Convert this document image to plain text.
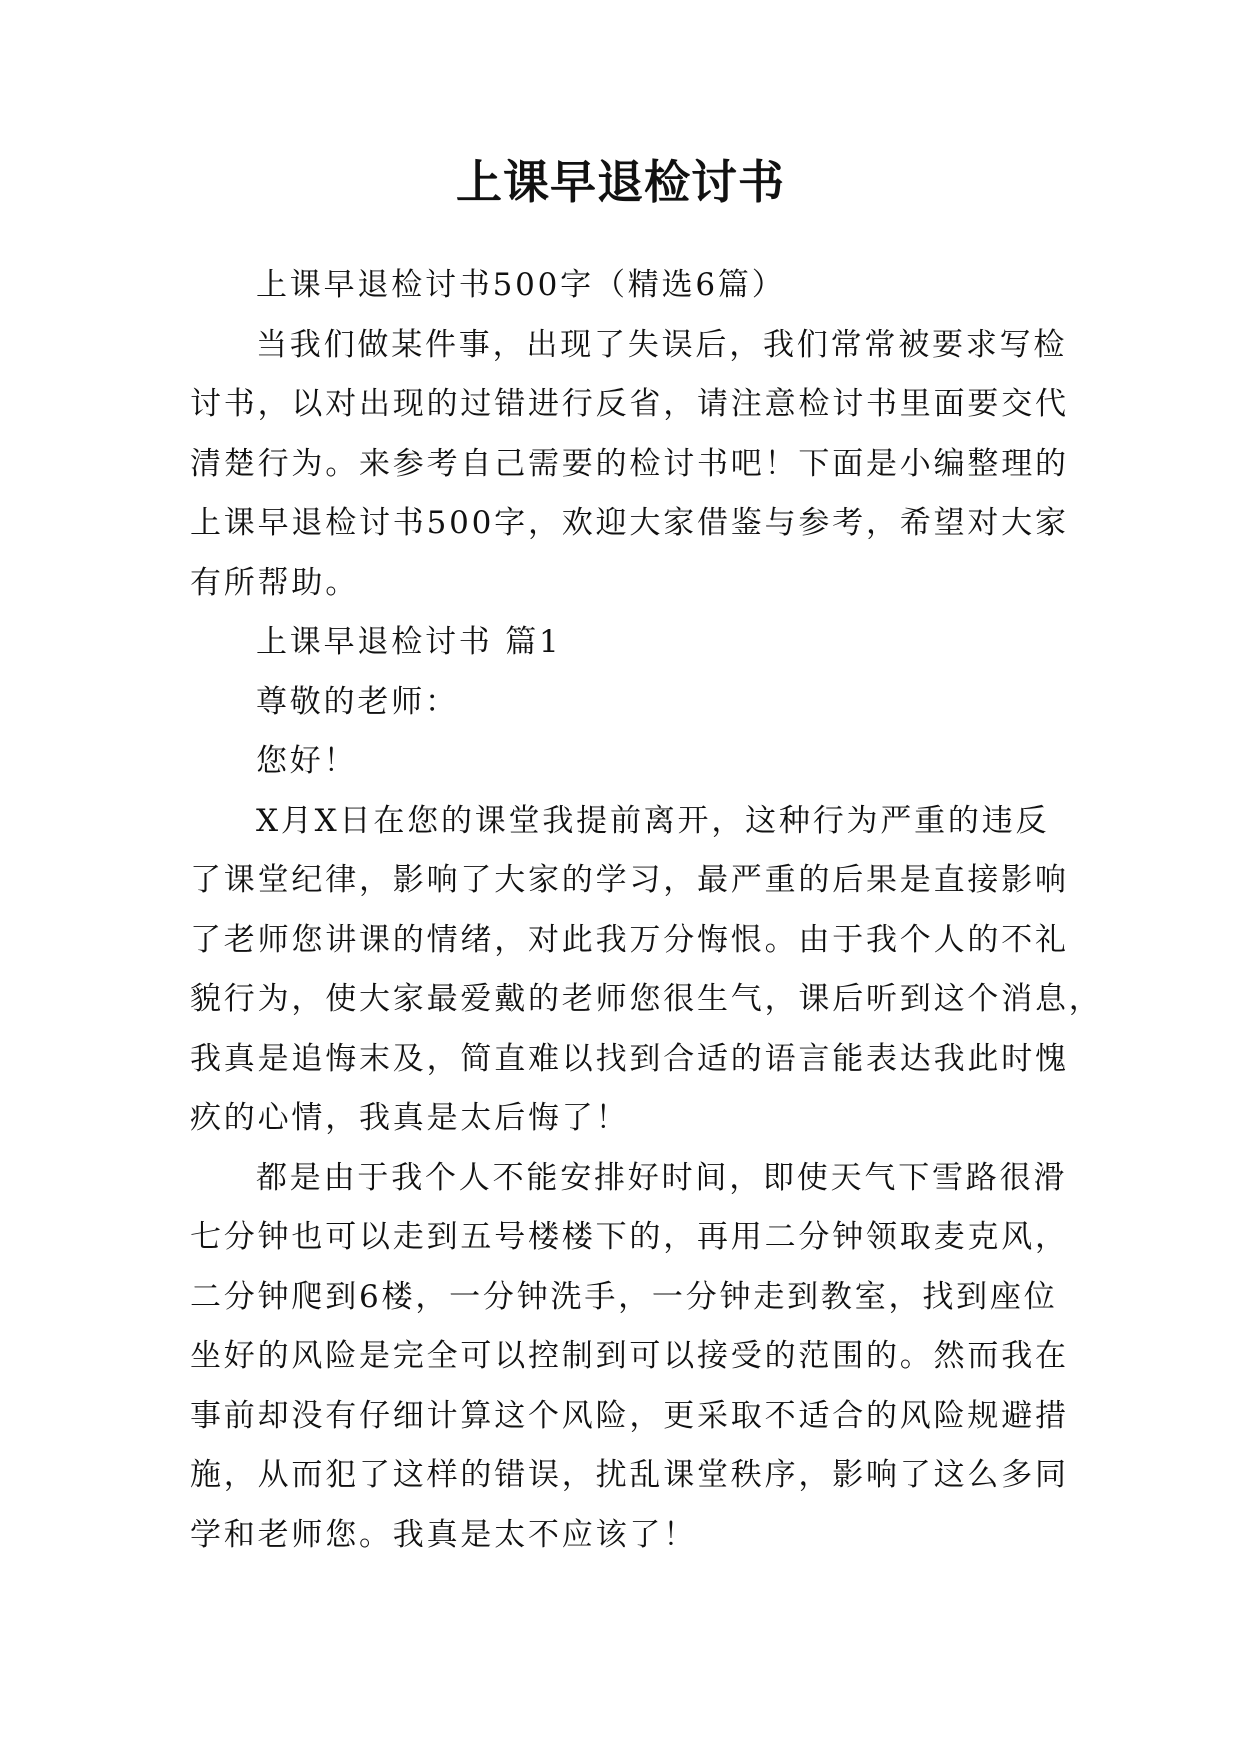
上课早退检讨书
上课早退检讨书500字（精选6篇）
当我们做某件事，出现了失误后，我们常常被要求写检
讨书，以对出现的过错进行反省，请注意检讨书里面要交代
清楚行为。来参考自己需要的检讨书吧！下面是小编整理的
上课早退检讨书500字，欢迎大家借鉴与参考，希望对大家
有所帮助。
上课早退检讨书 篇1
尊敬的老师：
您好！
X月X日在您的课堂我提前离开，这种行为严重的违反
了课堂纪律，影响了大家的学习，最严重的后果是直接影响
了老师您讲课的情绪，对此我万分悔恨。由于我个人的不礼
貌行为，使大家最爱戴的老师您很生气，课后听到这个消息，
我真是追悔末及，简直难以找到合适的语言能表达我此时愧
疚的心情，我真是太后悔了！
都是由于我个人不能安排好时间，即使天气下雪路很滑
七分钟也可以走到五号楼楼下的，再用二分钟领取麦克风，
二分钟爬到6楼，一分钟洗手，一分钟走到教室，找到座位
坐好的风险是完全可以控制到可以接受的范围的。然而我在
事前却没有仔细计算这个风险，更采取不适合的风险规避措
施，从而犯了这样的错误，扰乱课堂秩序，影响了这么多同
学和老师您。我真是太不应该了！
